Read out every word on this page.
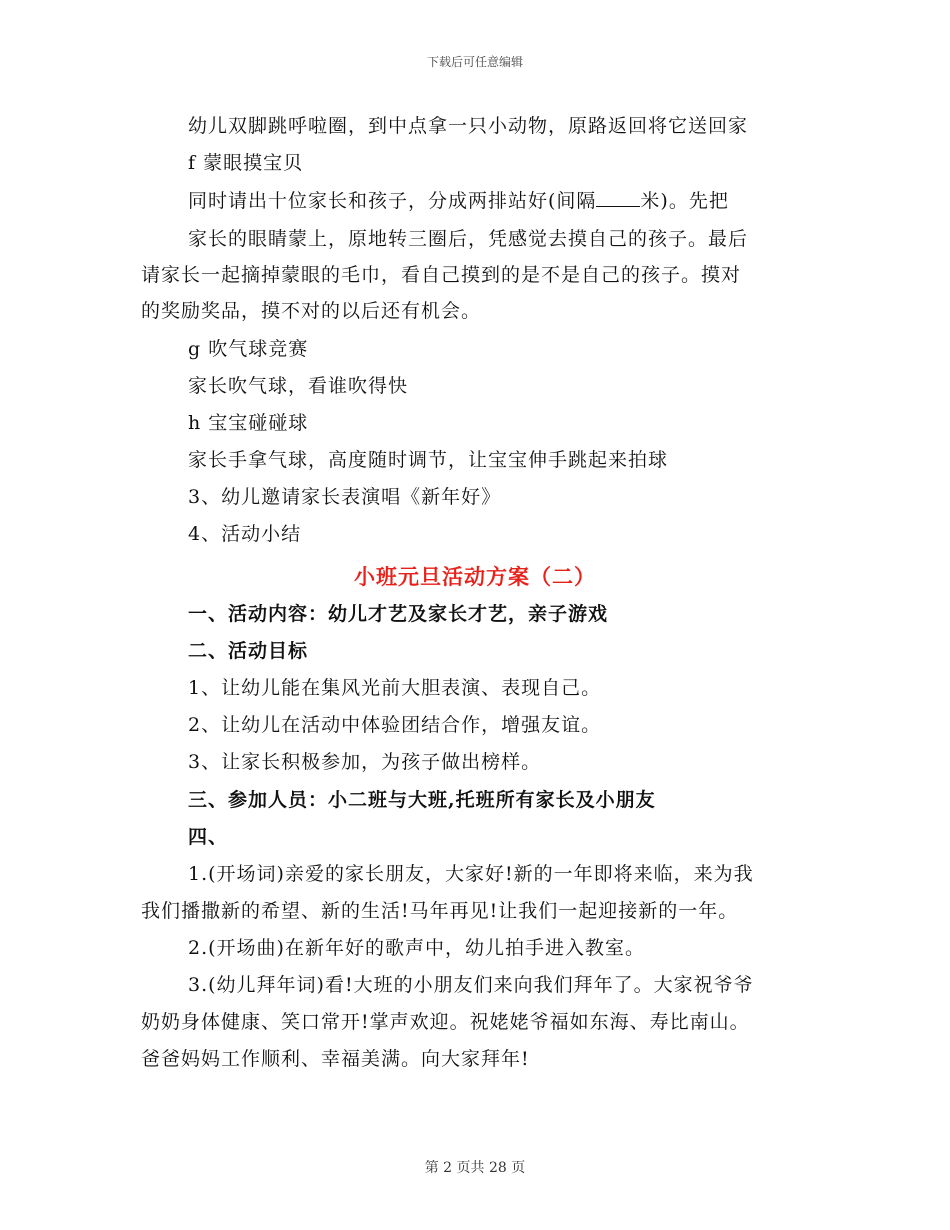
下载后可任意编辑
幼儿双脚跳呼啦圈，到中点拿一只小动物，原路返回将它送回家
f 蒙眼摸宝贝
同时请出十位家长和孩子，分成两排站好(间隔 米)。先把
家长的眼睛蒙上，原地转三圈后，凭感觉去摸自己的孩子。最后
请家长一起摘掉蒙眼的毛巾，看自己摸到的是不是自己的孩子。摸对
的奖励奖品，摸不对的以后还有机会。
g 吹气球竞赛
家长吹气球，看谁吹得快
h 宝宝碰碰球
家长手拿气球，高度随时调节，让宝宝伸手跳起来拍球
3、幼儿邀请家长表演唱《新年好》
4、活动小结
小班元旦活动方案（二）
一、活动内容：幼儿才艺及家长才艺，亲子游戏
二、活动目标
1、让幼儿能在集风光前大胆表演、表现自己。
2、让幼儿在活动中体验团结合作，增强友谊。
3、让家长积极参加，为孩子做出榜样。
三、参加人员：小二班与大班,托班所有家长及小朋友
四、
1.(开场词)亲爱的家长朋友，大家好!新的一年即将来临，来为我
我们播撒新的希望、新的生活!马年再见!让我们一起迎接新的一年。
2.(开场曲)在新年好的歌声中，幼儿拍手进入教室。
3.(幼儿拜年词)看!大班的小朋友们来向我们拜年了。大家祝爷爷
奶奶身体健康、笑口常开!掌声欢迎。祝姥姥爷福如东海、寿比南山。
爸爸妈妈工作顺利、幸福美满。向大家拜年!
第 2 页共 28 页
